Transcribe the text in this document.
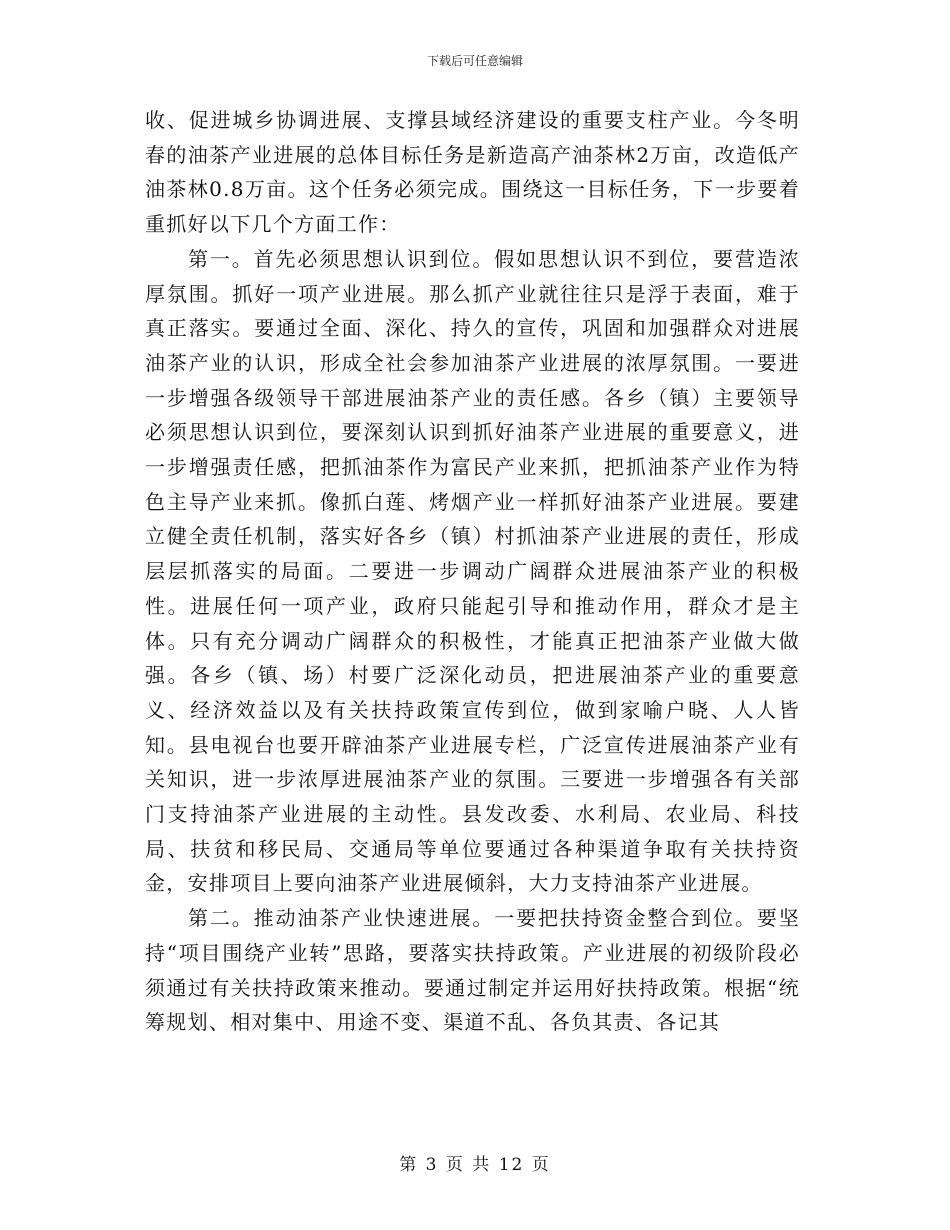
下载后可任意编辑

收、促进城乡协调进展、支撑县域经济建设的重要支柱产业。今冬明春的油茶产业进展的总体目标任务是新造高产油茶林2万亩，改造低产油茶林0.8万亩。这个任务必须完成。围绕这一目标任务，下一步要着重抓好以下几个方面工作：

第一。首先必须思想认识到位。假如思想认识不到位，要营造浓厚氛围。抓好一项产业进展。那么抓产业就往往只是浮于表面，难于真正落实。要通过全面、深化、持久的宣传，巩固和加强群众对进展油茶产业的认识，形成全社会参加油茶产业进展的浓厚氛围。一要进一步增强各级领导干部进展油茶产业的责任感。各乡（镇）主要领导必须思想认识到位，要深刻认识到抓好油茶产业进展的重要意义，进一步增强责任感，把抓油茶作为富民产业来抓，把抓油茶产业作为特色主导产业来抓。像抓白莲、烤烟产业一样抓好油茶产业进展。要建立健全责任机制，落实好各乡（镇）村抓油茶产业进展的责任，形成层层抓落实的局面。二要进一步调动广阔群众进展油茶产业的积极性。进展任何一项产业，政府只能起引导和推动作用，群众才是主体。只有充分调动广阔群众的积极性，才能真正把油茶产业做大做强。各乡（镇、场）村要广泛深化动员，把进展油茶产业的重要意义、经济效益以及有关扶持政策宣传到位，做到家喻户晓、人人皆知。县电视台也要开辟油茶产业进展专栏，广泛宣传进展油茶产业有关知识，进一步浓厚进展油茶产业的氛围。三要进一步增强各有关部门支持油茶产业进展的主动性。县发改委、水利局、农业局、科技局、扶贫和移民局、交通局等单位要通过各种渠道争取有关扶持资金，安排项目上要向油茶产业进展倾斜，大力支持油茶产业进展。

第二。推动油茶产业快速进展。一要把扶持资金整合到位。要坚持“项目围绕产业转”思路，要落实扶持政策。产业进展的初级阶段必须通过有关扶持政策来推动。要通过制定并运用好扶持政策。根据“统筹规划、相对集中、用途不变、渠道不乱、各负其责、各记其

第 3 页 共 12 页
